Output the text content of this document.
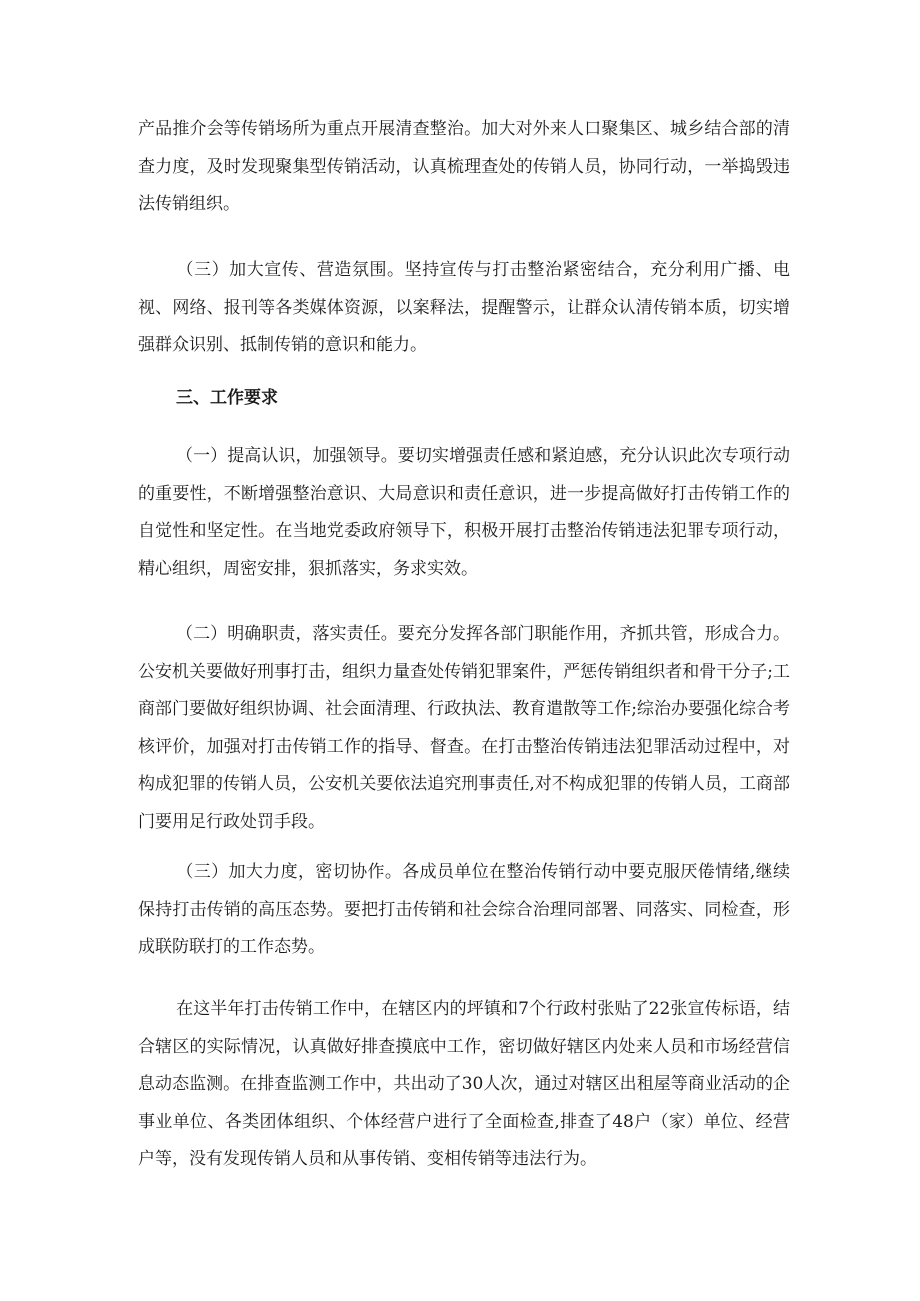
产品推介会等传销场所为重点开展清查整治。加大对外来人口聚集区、城乡结合部的清查力度，及时发现聚集型传销活动，认真梳理查处的传销人员，协同行动，一举捣毁违法传销组织。

（三）加大宣传、营造氛围。坚持宣传与打击整治紧密结合，充分利用广播、电视、网络、报刊等各类媒体资源，以案释法，提醒警示，让群众认清传销本质，切实增强群众识别、抵制传销的意识和能力。

三、工作要求

（一）提高认识，加强领导。要切实增强责任感和紧迫感，充分认识此次专项行动的重要性，不断增强整治意识、大局意识和责任意识，进一步提高做好打击传销工作的自觉性和坚定性。在当地党委政府领导下，积极开展打击整治传销违法犯罪专项行动，精心组织，周密安排，狠抓落实，务求实效。

（二）明确职责，落实责任。要充分发挥各部门职能作用，齐抓共管，形成合力。公安机关要做好刑事打击，组织力量查处传销犯罪案件，严惩传销组织者和骨干分子;工商部门要做好组织协调、社会面清理、行政执法、教育遣散等工作;综治办要强化综合考核评价，加强对打击传销工作的指导、督查。在打击整治传销违法犯罪活动过程中，对构成犯罪的传销人员，公安机关要依法追究刑事责任,对不构成犯罪的传销人员，工商部门要用足行政处罚手段。

（三）加大力度，密切协作。各成员单位在整治传销行动中要克服厌倦情绪,继续保持打击传销的高压态势。要把打击传销和社会综合治理同部署、同落实、同检查，形成联防联打的工作态势。

在这半年打击传销工作中，在辖区内的坪镇和7个行政村张贴了22张宣传标语，结合辖区的实际情况，认真做好排查摸底中工作，密切做好辖区内处来人员和市场经营信息动态监测。在排查监测工作中，共出动了30人次，通过对辖区出租屋等商业活动的企事业单位、各类团体组织、个体经营户进行了全面检查,排查了48户（家）单位、经营户等，没有发现传销人员和从事传销、变相传销等违法行为。
